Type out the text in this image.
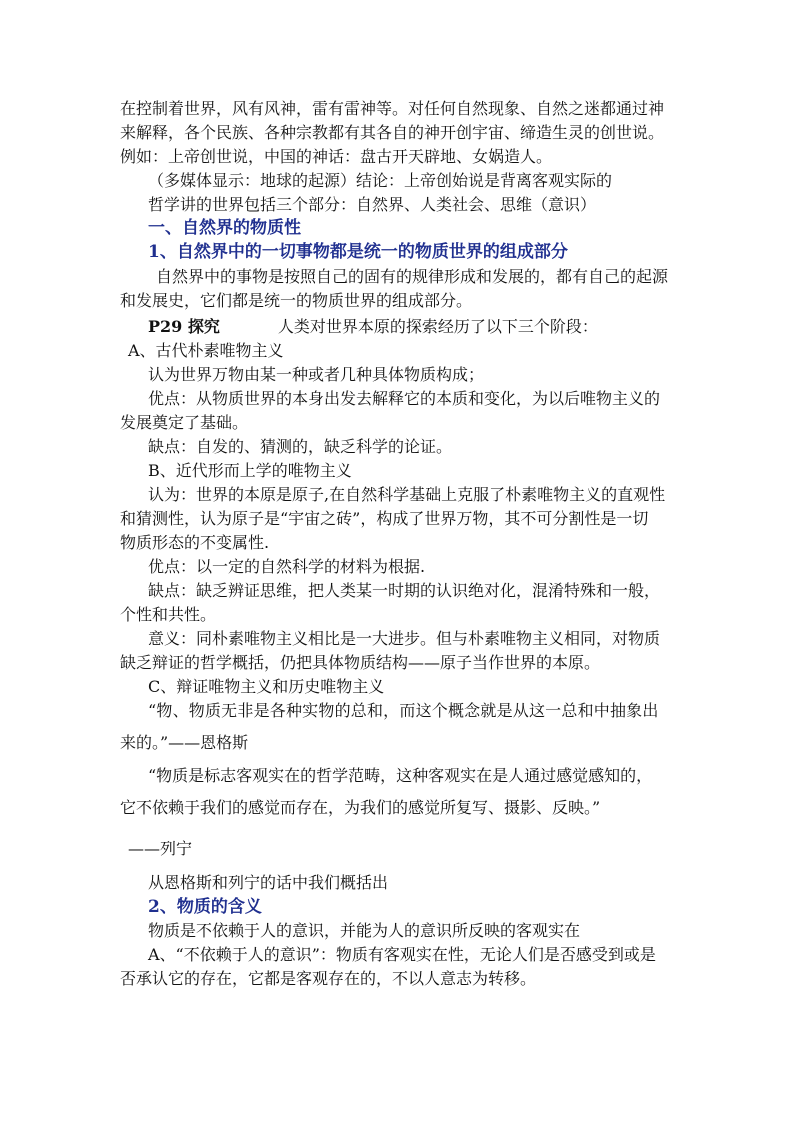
在控制着世界，风有风神，雷有雷神等。对任何自然现象、自然之迷都通过神
来解释，各个民族、各种宗教都有其各自的神开创宇宙、缔造生灵的创世说。
例如：上帝创世说，中国的神话：盘古开天辟地、女娲造人。
（多媒体显示：地球的起源）结论：上帝创始说是背离客观实际的
哲学讲的世界包括三个部分：自然界、人类社会、思维（意识）
一、自然界的物质性
1、自然界中的一切事物都是统一的物质世界的组成部分
自然界中的事物是按照自己的固有的规律形成和发展的，都有自己的起源
和发展史，它们都是统一的物质世界的组成部分。
P29 探究	人类对世界本原的探索经历了以下三个阶段：
A、古代朴素唯物主义
认为世界万物由某一种或者几种具体物质构成；
优点：从物质世界的本身出发去解释它的本质和变化，为以后唯物主义的
发展奠定了基础。
缺点：自发的、猜测的，缺乏科学的论证。
B、近代形而上学的唯物主义
认为：世界的本原是原子,在自然科学基础上克服了朴素唯物主义的直观性
和猜测性，认为原子是“宇宙之砖”，构成了世界万物，其不可分割性是一切
物质形态的不变属性.
优点：以一定的自然科学的材料为根据.
缺点：缺乏辨证思维，把人类某一时期的认识绝对化，混淆特殊和一般，
个性和共性。
意义：同朴素唯物主义相比是一大进步。但与朴素唯物主义相同，对物质
缺乏辩证的哲学概括，仍把具体物质结构——原子当作世界的本原。
C、辩证唯物主义和历史唯物主义
“物、物质无非是各种实物的总和，而这个概念就是从这一总和中抽象出
来的。”——恩格斯
“物质是标志客观实在的哲学范畴，这种客观实在是人通过感觉感知的，
它不依赖于我们的感觉而存在，为我们的感觉所复写、摄影、反映。”
——列宁
从恩格斯和列宁的话中我们概括出
2、物质的含义
物质是不依赖于人的意识，并能为人的意识所反映的客观实在
A、“不依赖于人的意识”：物质有客观实在性，无论人们是否感受到或是
否承认它的存在，它都是客观存在的，不以人意志为转移。
